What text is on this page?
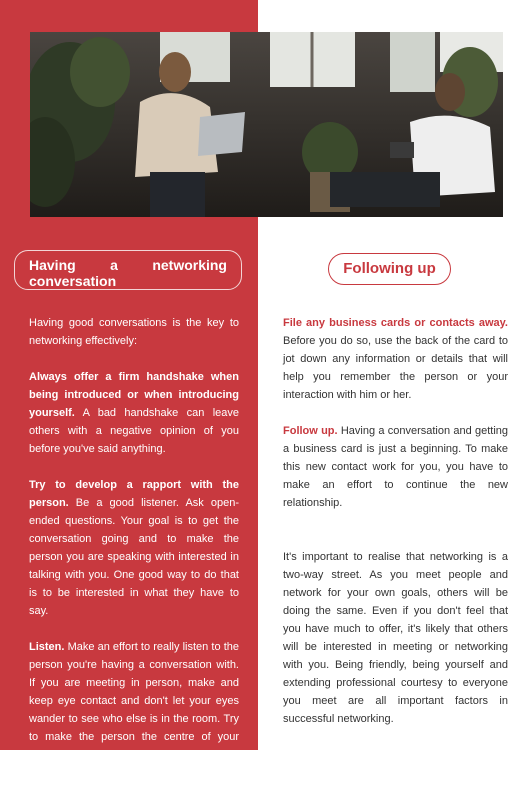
Having a networking conversation
Following up

Having good conversations is the key to networking effectively:

Always offer a firm handshake when being introduced or when introducing yourself. A bad handshake can leave others with a negative opinion of you before you've said anything.

Try to develop a rapport with the person. Be a good listener. Ask open-ended questions. Your goal is to get the conversation going and to make the person you are speaking with interested in talking with you. One good way to do that is to be interested in what they have to say.

Listen. Make an effort to really listen to the person you're having a conversation with. If you are meeting in person, make and keep eye contact and don't let your eyes wander to see who else is in the room. Try to make the person the centre of your attention. Concentrate on what they are saying. Make thoughtful comments in response.

File any business cards or contacts away. Before you do so, use the back of the card to jot down any information or details that will help you remember the person or your interaction with him or her.

Follow up. Having a conversation and getting a business card is just a beginning. To make this new contact work for you, you have to make an effort to continue the new relationship.

It's important to realise that networking is a two-way street. As you meet people and network for your own goals, others will be doing the same. Even if you don't feel that you have much to offer, it's likely that others will be interested in meeting or networking with you. Being friendly, being yourself and extending professional courtesy to everyone you meet are all important factors in successful networking.
